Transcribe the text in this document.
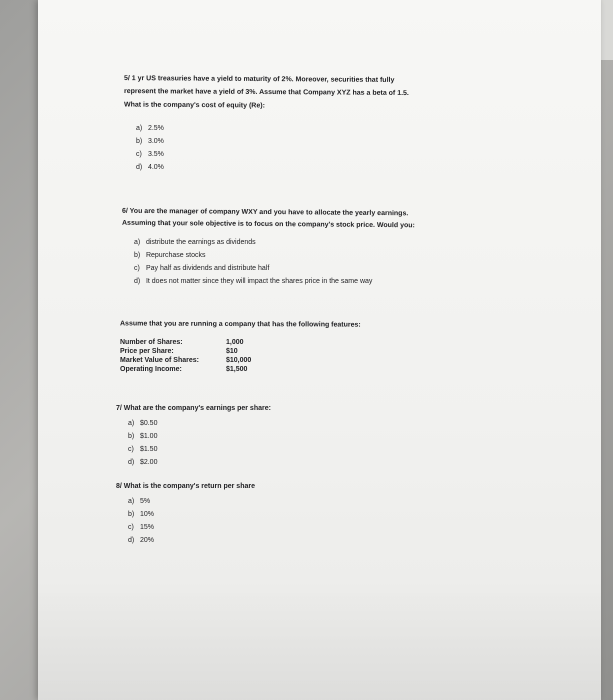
5/ 1 yr US treasuries have a yield to maturity of 2%. Moreover, securities that fully
represent the market have a yield of 3%. Assume that Company XYZ has a beta of 1.5.
What is the company's cost of equity (Re):
a) 2.5%
b) 3.0%
c) 3.5%
d) 4.0%
6/ You are the manager of company WXY and you have to allocate the yearly earnings.
Assuming that your sole objective is to focus on the company's stock price. Would you:
a) distribute the earnings as dividends
b) Repurchase stocks
c) Pay half as dividends and distribute half
d) It does not matter since they will impact the shares price in the same way
Assume that you are running a company that has the following features:
Number of Shares:	1,000
Price per Share:	$10
Market Value of Shares:	$10,000
Operating Income:	$1,500
7/ What are the company's earnings per share:
a) $0.50
b) $1.00
c) $1.50
d) $2.00
8/ What is the company's return per share
a) 5%
b) 10%
c) 15%
d) 20%
